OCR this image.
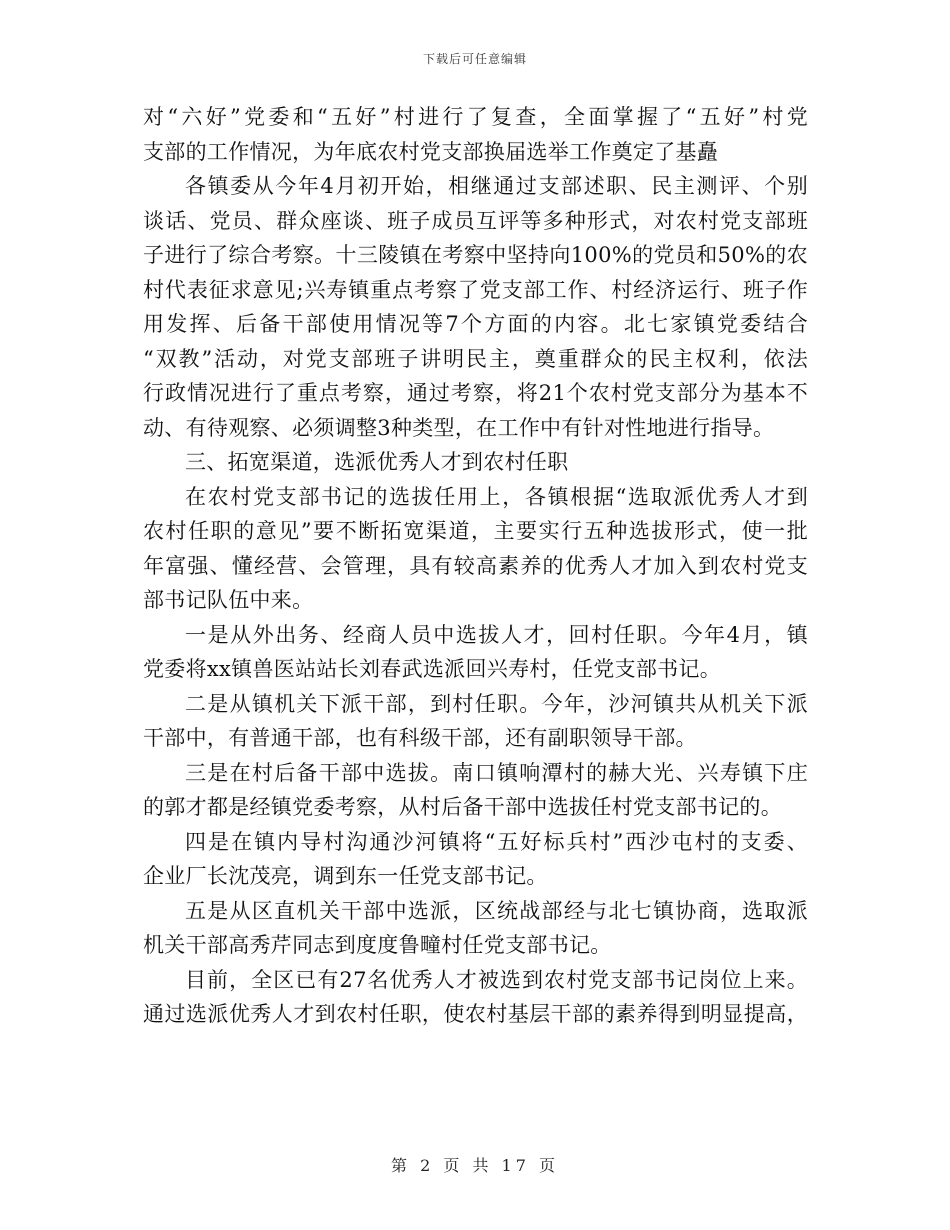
下载后可任意编辑
对“六好”党委和“五好”村进行了复查，全面掌握了“五好”村党
支部的工作情况，为年底农村党支部换届选举工作奠定了基矗
各镇委从今年4月初开始，相继通过支部述职、民主测评、个别
谈话、党员、群众座谈、班子成员互评等多种形式，对农村党支部班
子进行了综合考察。十三陵镇在考察中坚持向100%的党员和50%的农
村代表征求意见;兴寿镇重点考察了党支部工作、村经济运行、班子作
用发挥、后备干部使用情况等7个方面的内容。北七家镇党委结合
“双教”活动，对党支部班子讲明民主，奠重群众的民主权利，依法
行政情况进行了重点考察，通过考察，将21个农村党支部分为基本不
动、有待观察、必须调整3种类型，在工作中有针对性地进行指导。
三、拓宽渠道，选派优秀人才到农村任职
在农村党支部书记的选拔任用上，各镇根据“选取派优秀人才到
农村任职的意见”要不断拓宽渠道，主要实行五种选拔形式，使一批
年富强、懂经营、会管理，具有较高素养的优秀人才加入到农村党支
部书记队伍中来。
一是从外出务、经商人员中选拔人才，回村任职。今年4月，镇
党委将xx镇兽医站站长刘春武选派回兴寿村，任党支部书记。
二是从镇机关下派干部，到村任职。今年，沙河镇共从机关下派
干部中，有普通干部，也有科级干部，还有副职领导干部。
三是在村后备干部中选拔。南口镇响潭村的赫大光、兴寿镇下庄
的郭才都是经镇党委考察，从村后备干部中选拔任村党支部书记的。
四是在镇内导村沟通沙河镇将“五好标兵村”西沙屯村的支委、
企业厂长沈茂亮，调到东一任党支部书记。
五是从区直机关干部中选派，区统战部经与北七镇协商，选取派
机关干部高秀芹同志到度度鲁疃村任党支部书记。
目前，全区已有27名优秀人才被选到农村党支部书记岗位上来。
通过选派优秀人才到农村任职，使农村基层干部的素养得到明显提高，
第 2 页 共 17 页
